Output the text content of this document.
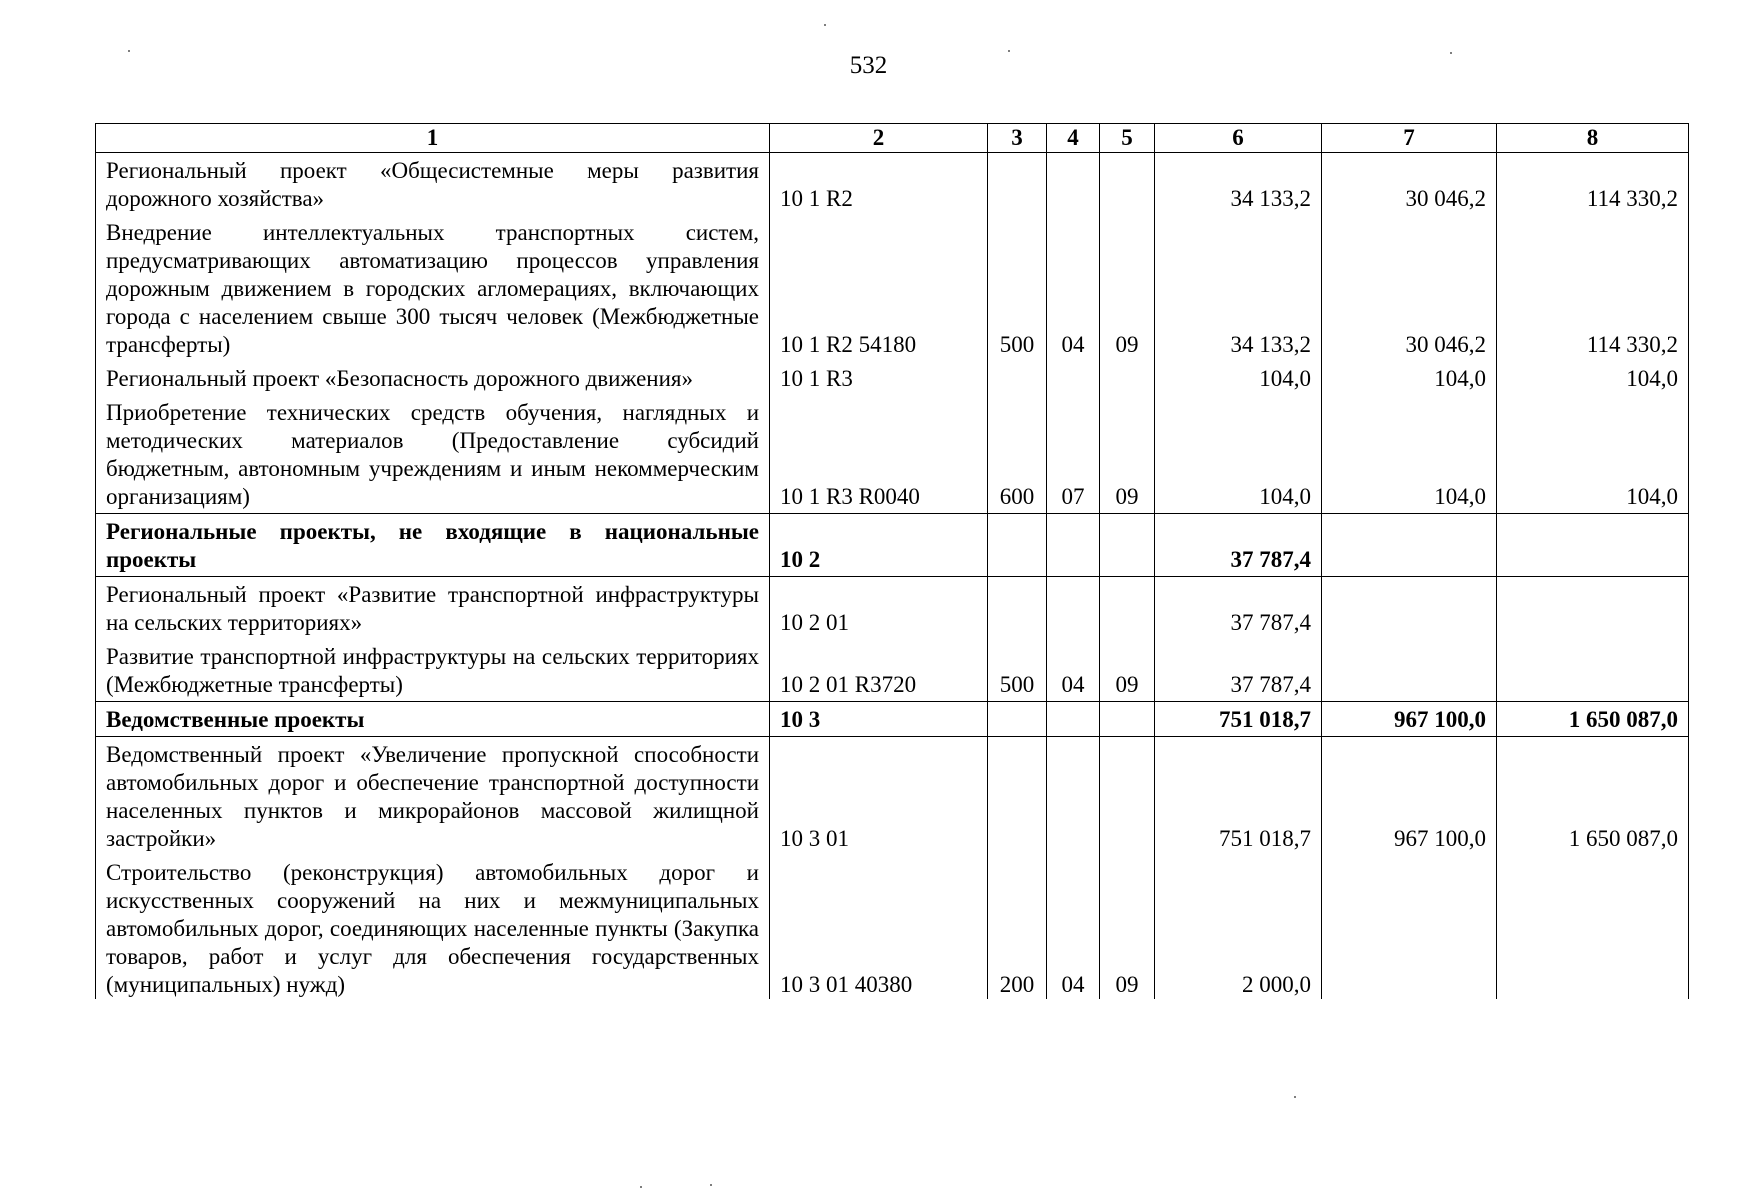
532
1	2	3	4	5	6	7	8
Региональный проект «Общесистемные меры развития дорожного хозяйства»	10 1 R2				34 133,2	30 046,2	114 330,2
Внедрение интеллектуальных транспортных систем, предусматривающих автоматизацию процессов управления дорожным движением в городских агломерациях, включающих города с населением свыше 300 тысяч человек (Межбюджетные трансферты)	10 1 R2 54180	500	04	09	34 133,2	30 046,2	114 330,2
Региональный проект «Безопасность дорожного движения»	10 1 R3				104,0	104,0	104,0
Приобретение технических средств обучения, наглядных и методических материалов (Предоставление субсидий бюджетным, автономным учреждениям и иным некоммерческим организациям)	10 1 R3 R0040	600	07	09	104,0	104,0	104,0
Региональные проекты, не входящие в национальные проекты	10 2				37 787,4		
Региональный проект «Развитие транспортной инфраструктуры на сельских территориях»	10 2 01				37 787,4		
Развитие транспортной инфраструктуры на сельских территориях (Межбюджетные трансферты)	10 2 01 R3720	500	04	09	37 787,4		
Ведомственные проекты	10 3				751 018,7	967 100,0	1 650 087,0
Ведомственный проект «Увеличение пропускной способности автомобильных дорог и обеспечение транспортной доступности населенных пунктов и микрорайонов массовой жилищной застройки»	10 3 01				751 018,7	967 100,0	1 650 087,0
Строительство (реконструкция) автомобильных дорог и искусственных сооружений на них и межмуниципальных автомобильных дорог, соединяющих населенные пункты (Закупка товаров, работ и услуг для обеспечения государственных (муниципальных) нужд)	10 3 01 40380	200	04	09	2 000,0		
